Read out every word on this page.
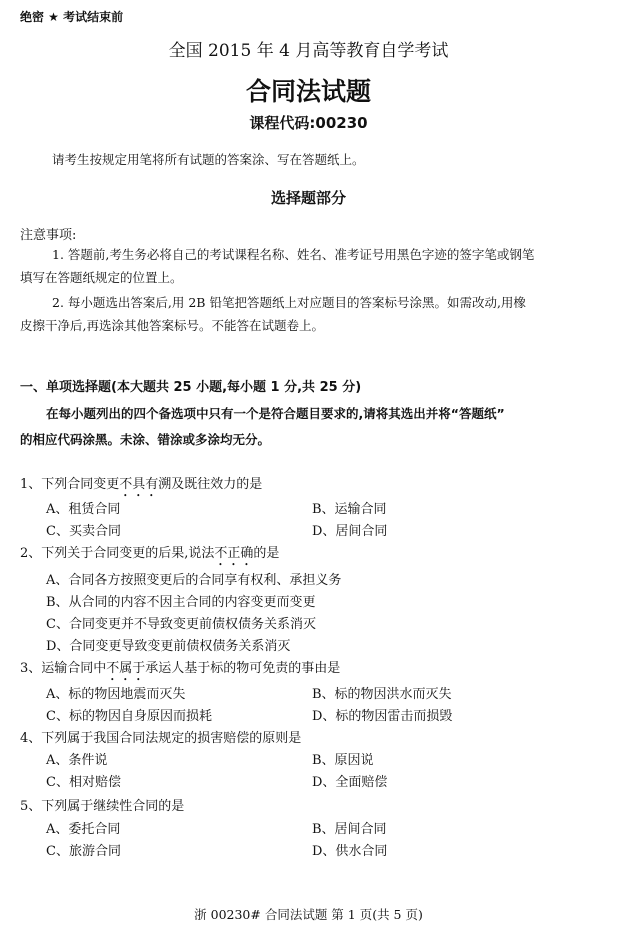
绝密 ★ 考试结束前
全国 2015 年 4 月高等教育自学考试
合同法试题
课程代码:00230
请考生按规定用笔将所有试题的答案涂、写在答题纸上。
选择题部分
注意事项:
1. 答题前,考生务必将自己的考试课程名称、姓名、准考证号用黑色字迹的签字笔或钢笔
填写在答题纸规定的位置上。
2. 每小题选出答案后,用 2B 铅笔把答题纸上对应题目的答案标号涂黑。如需改动,用橡
皮擦干净后,再选涂其他答案标号。不能答在试题卷上。
一、单项选择题(本大题共 25 小题,每小题 1 分,共 25 分)
在每小题列出的四个备选项中只有一个是符合题目要求的,请将其选出并将“答题纸”
的相应代码涂黑。未涂、错涂或多涂均无分。
1、下列合同变更不具有溯及既往效力的是
A、租赁合同	B、运输合同
C、买卖合同	D、居间合同
2、下列关于合同变更的后果,说法不正确的是
A、合同各方按照变更后的合同享有权利、承担义务
B、从合同的内容不因主合同的内容变更而变更
C、合同变更并不导致变更前债权债务关系消灭
D、合同变更导致变更前债权债务关系消灭
3、运输合同中不属于承运人基于标的物可免责的事由是
A、标的物因地震而灭失	B、标的物因洪水而灭失
C、标的物因自身原因而损耗	D、标的物因雷击而损毁
4、下列属于我国合同法规定的损害赔偿的原则是
A、条件说	B、原因说
C、相对赔偿	D、全面赔偿
5、下列属于继续性合同的是
A、委托合同	B、居间合同
C、旅游合同	D、供水合同
浙 00230# 合同法试题 第 1 页(共 5 页)
